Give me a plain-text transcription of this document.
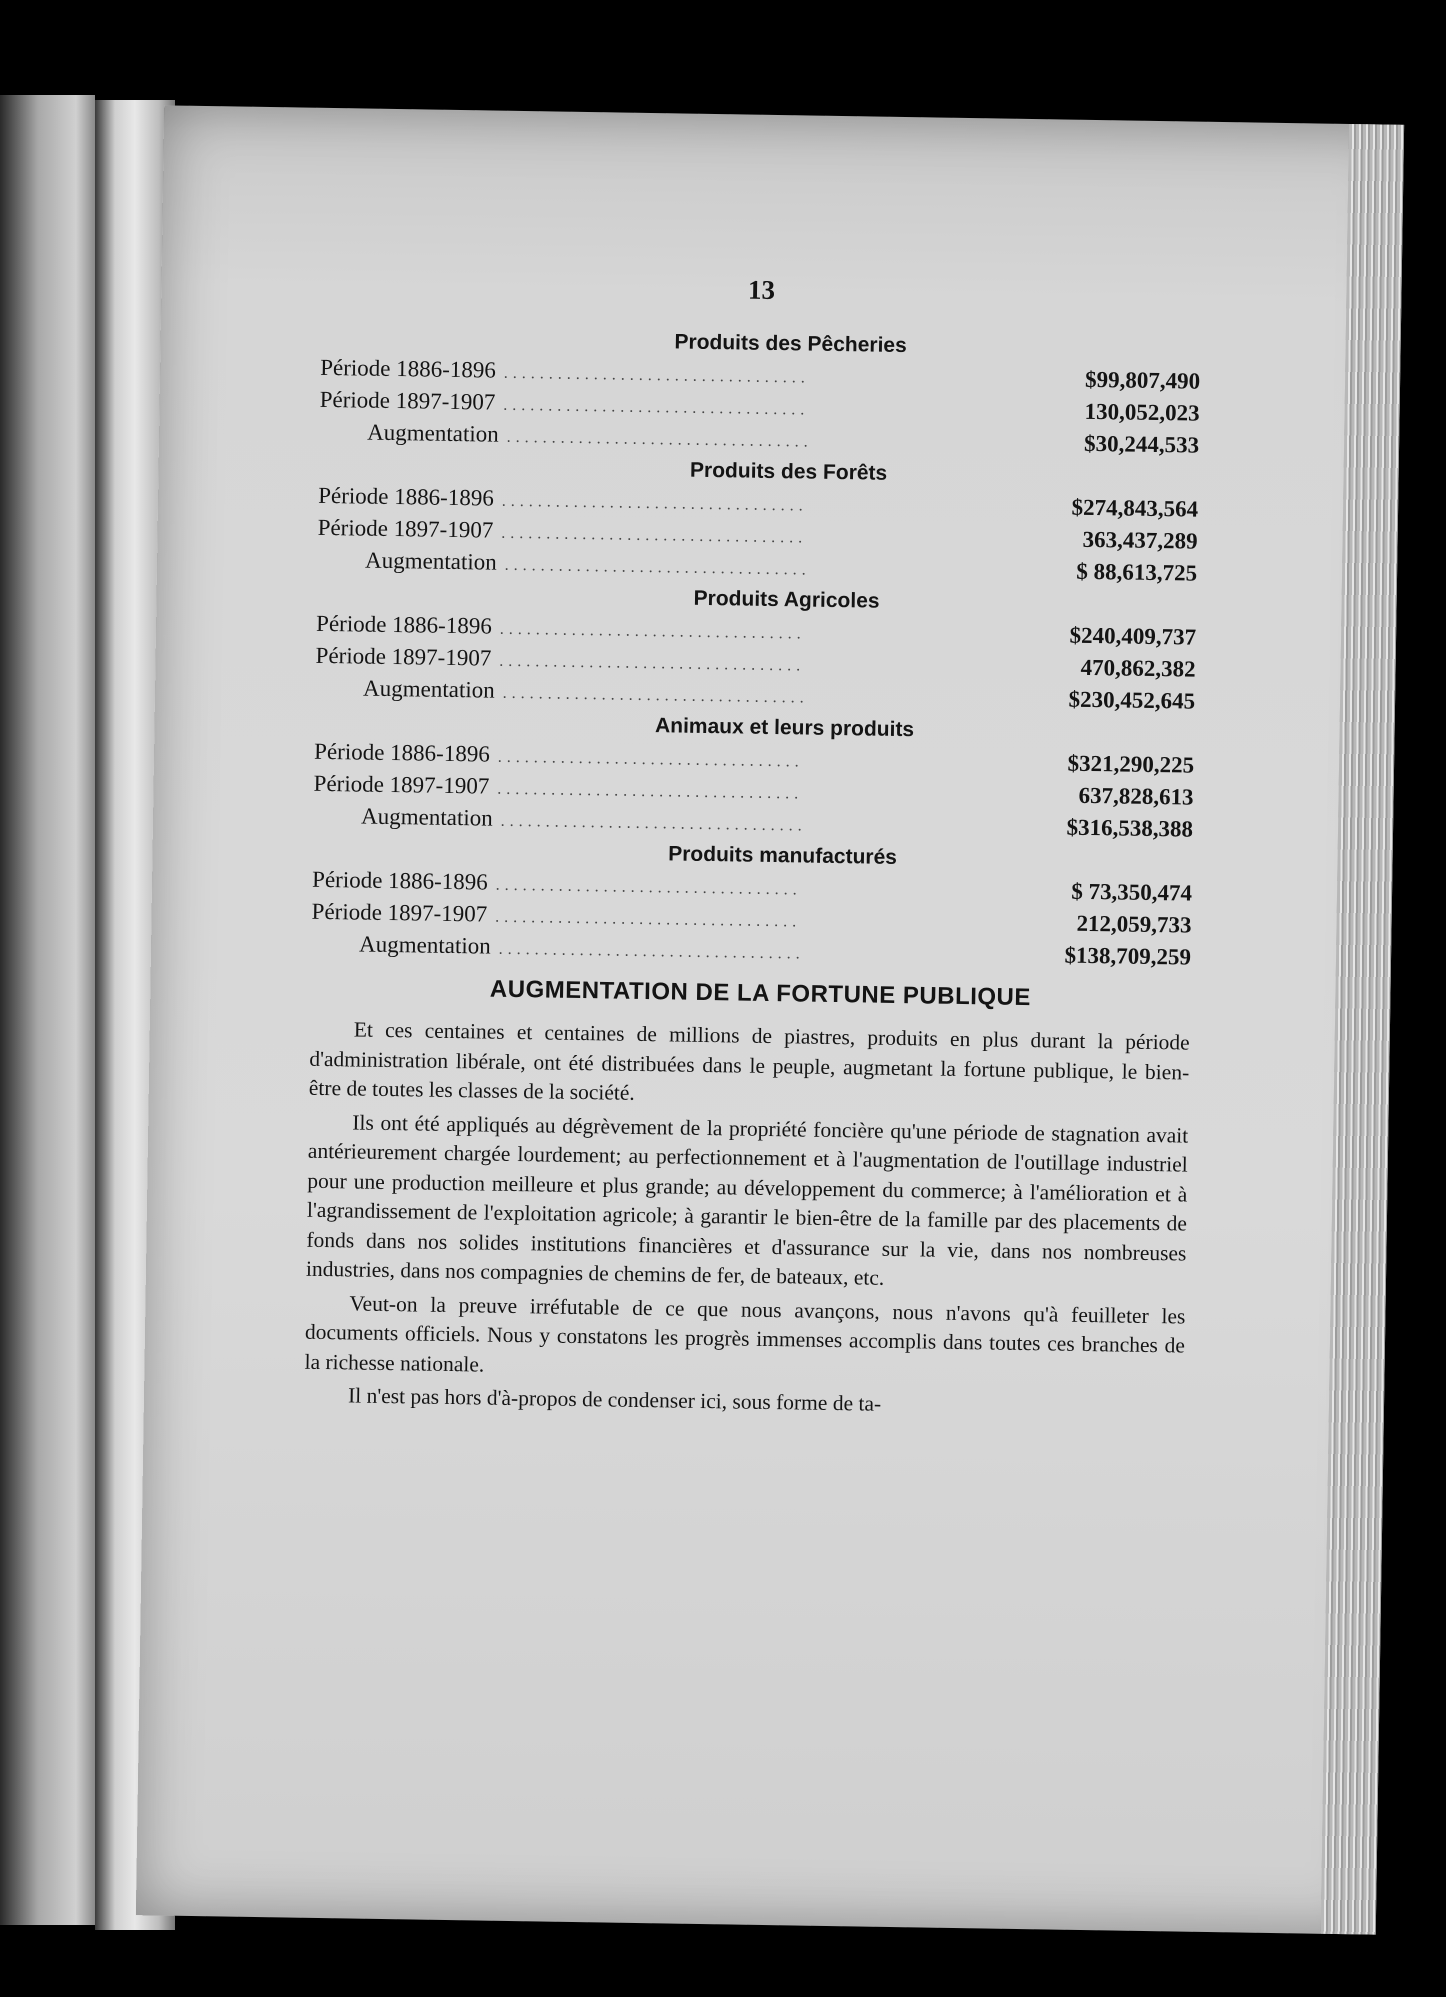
13
Produits des Pêcheries
Période 1886-1896 ..................................	$99,807,490
Période 1897-1907 ..................................	130,052,023
Augmentation ..................................	$30,244,533
Produits des Forêts
Période 1886-1896 ..................................	$274,843,564
Période 1897-1907 ..................................	363,437,289
Augmentation ..................................	$ 88,613,725
Produits Agricoles
Période 1886-1896 ..................................	$240,409,737
Période 1897-1907 ..................................	470,862,382
Augmentation ..................................	$230,452,645
Animaux et leurs produits
Période 1886-1896 ..................................	$321,290,225
Période 1897-1907 ..................................	637,828,613
Augmentation ..................................	$316,538,388
Produits manufacturés
Période 1886-1896 ..................................	$ 73,350,474
Période 1897-1907 ..................................	212,059,733
Augmentation ..................................	$138,709,259
AUGMENTATION DE LA FORTUNE PUBLIQUE

Et ces centaines et centaines de millions de piastres, produits en plus durant la période d'administration libérale, ont été distribuées dans le peuple, augmetant la fortune publique, le bien-être de toutes les classes de la société.

Ils ont été appliqués au dégrèvement de la propriété foncière qu'une période de stagnation avait antérieurement chargée lourdement; au perfectionnement et à l'augmentation de l'outillage industriel pour une production meilleure et plus grande; au développement du commerce; à l'amélioration et à l'agrandissement de l'exploitation agricole; à garantir le bien-être de la famille par des placements de fonds dans nos solides institutions financières et d'assurance sur la vie, dans nos nombreuses industries, dans nos compagnies de chemins de fer, de bateaux, etc.

Veut-on la preuve irréfutable de ce que nous avançons, nous n'avons qu'à feuilleter les documents officiels. Nous y constatons les progrès immenses accomplis dans toutes ces branches de la richesse nationale.

Il n'est pas hors d'à-propos de condenser ici, sous forme de ta-
